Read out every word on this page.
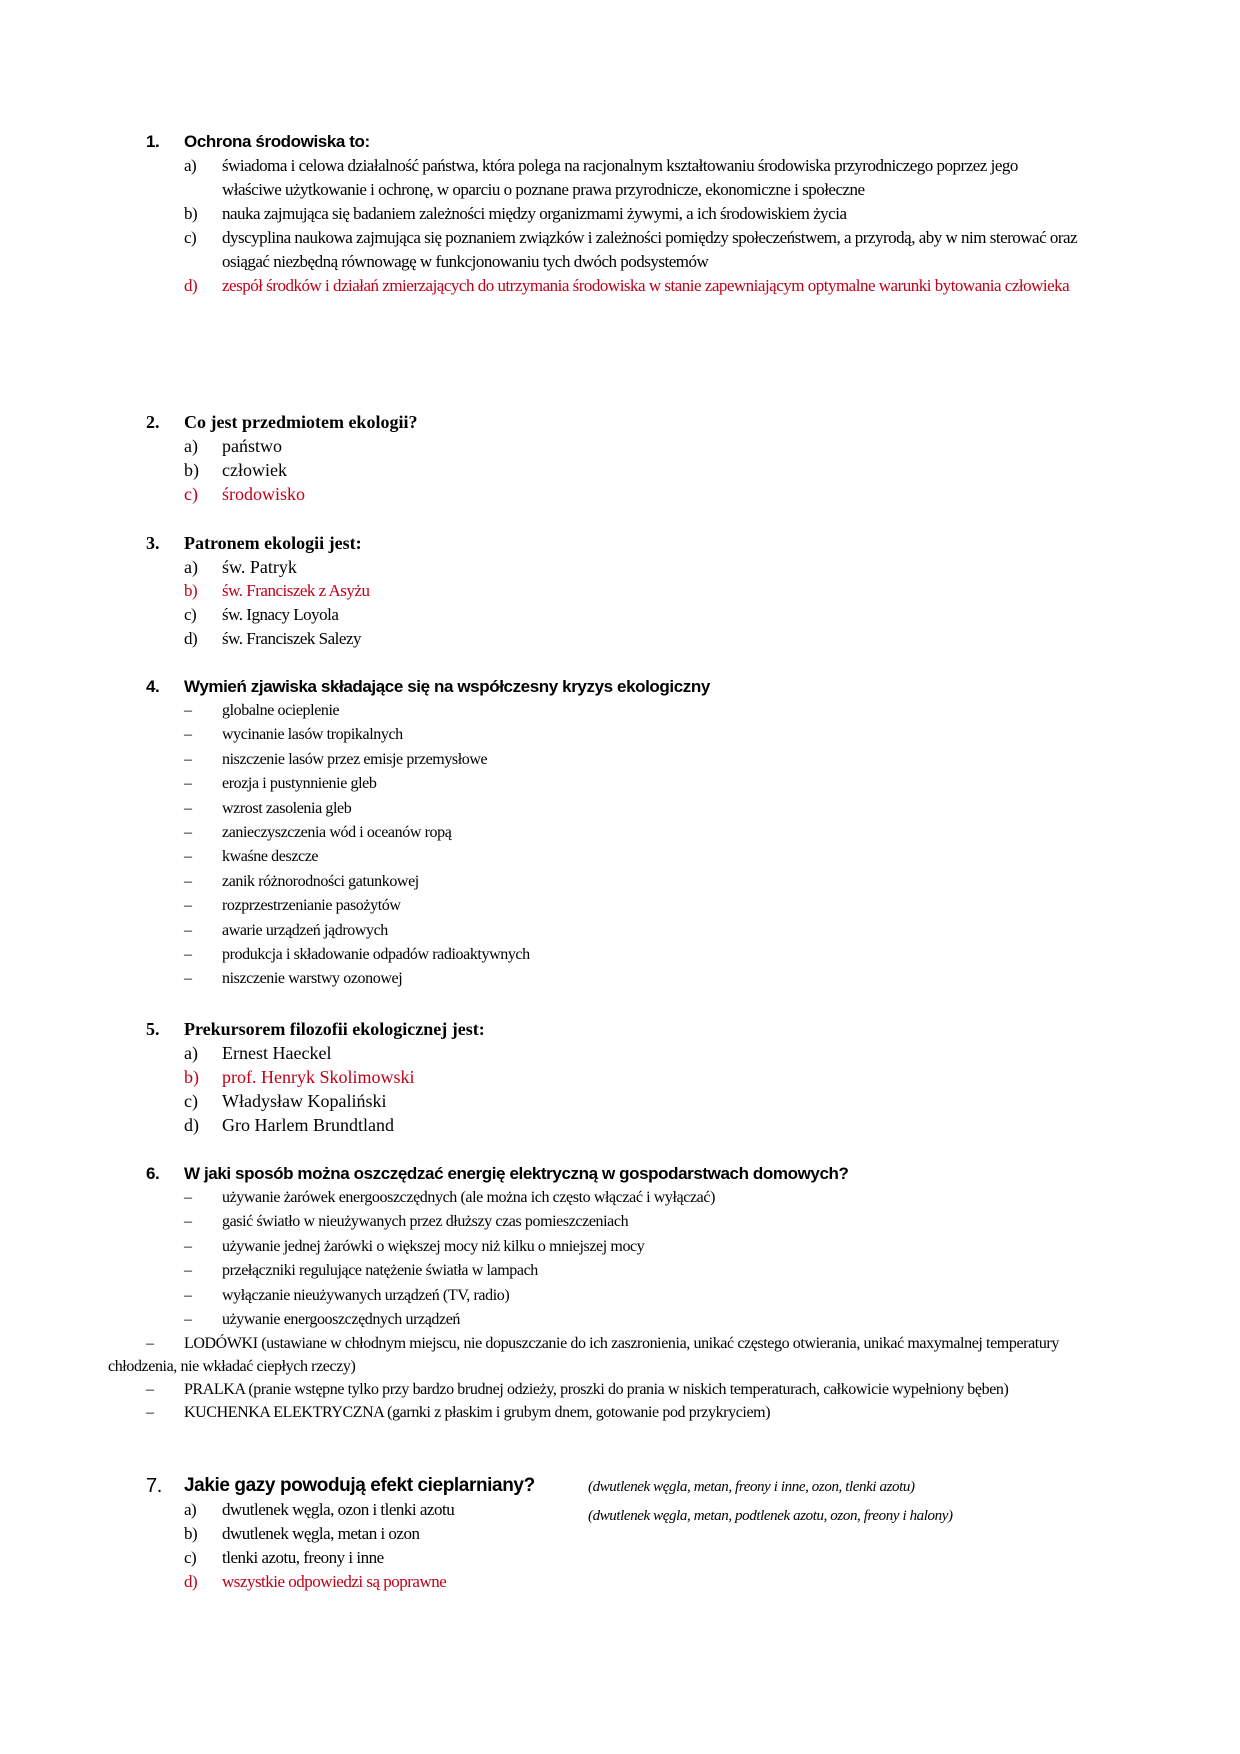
1.	Ochrona środowiska to:
a)	świadoma i celowa działalność państwa, która polega na racjonalnym kształtowaniu środowiska przyrodniczego poprzez jego właściwe użytkowanie i ochronę, w oparciu o poznane prawa przyrodnicze, ekonomiczne i społeczne
b)	nauka zajmująca się badaniem zależności między organizmami żywymi, a ich środowiskiem życia
c)	dyscyplina naukowa zajmująca się poznaniem związków i zależności pomiędzy społeczeństwem, a przyrodą, aby w nim sterować oraz osiągać niezbędną równowagę w funkcjonowaniu tych dwóch podsystemów
d)	zespół środków i działań zmierzających do utrzymania środowiska w stanie zapewniającym optymalne warunki bytowania człowieka
2.	Co jest przedmiotem ekologii?
a)	państwo
b)	człowiek
c)	środowisko
3.	Patronem ekologii jest:
a)	św. Patryk
b)	św. Franciszek z Asyżu
c)	św. Ignacy Loyola
d)	św. Franciszek Salezy
4.	Wymień zjawiska składające się na współczesny kryzys ekologiczny
–	globalne ocieplenie
–	wycinanie lasów tropikalnych
–	niszczenie lasów przez emisje przemysłowe
–	erozja i pustynnienie gleb
–	wzrost zasolenia gleb
–	zanieczyszczenia wód i oceanów ropą
–	kwaśne deszcze
–	zanik różnorodności gatunkowej
–	rozprzestrzenianie pasożytów
–	awarie urządzeń jądrowych
–	produkcja i składowanie odpadów radioaktywnych
–	niszczenie warstwy ozonowej
5.	Prekursorem filozofii ekologicznej jest:
a)	Ernest Haeckel
b)	prof. Henryk Skolimowski
c)	Władysław Kopaliński
d)	Gro Harlem Brundtland
6.	W jaki sposób można oszczędzać energię elektryczną w gospodarstwach domowych?
–	używanie żarówek energooszczędnych (ale można ich często włączać i wyłączać)
–	gasić światło w nieużywanych przez dłuższy czas pomieszczeniach
–	używanie jednej żarówki o większej mocy niż kilku o mniejszej mocy
–	przełączniki regulujące natężenie światła w lampach
–	wyłączanie nieużywanych urządzeń (TV, radio)
–	używanie energooszczędnych urządzeń
– LODÓWKI (ustawiane w chłodnym miejscu, nie dopuszczanie do ich zaszronienia, unikać częstego otwierania, unikać maxymalnej temperatury chłodzenia, nie wkładać ciepłych rzeczy)
– PRALKA (pranie wstępne tylko przy bardzo brudnej odzieży, proszki do prania w niskich temperaturach, całkowicie wypełniony bęben)
– KUCHENKA ELEKTRYCZNA (garnki z płaskim i grubym dnem, gotowanie pod przykryciem)
7.	Jakie gazy powodują efekt cieplarniany?
a)	dwutlenek węgla, ozon i tlenki azotu
b)	dwutlenek węgla, metan i ozon
c)	tlenki azotu, freony i inne
d)	wszystkie odpowiedzi są poprawne
(dwutlenek węgla, metan, freony i inne, ozon, tlenki azotu)
(dwutlenek węgla, metan, podtlenek azotu, ozon, freony i halony)
